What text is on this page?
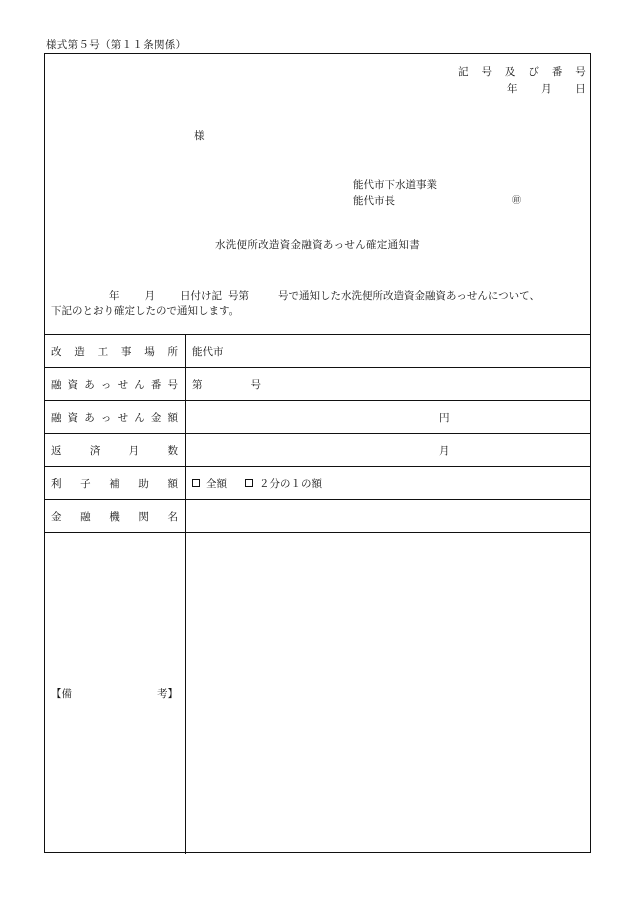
様式第５号（第１１条関係）
記 号 及 び 番 号
年 月 日
様
能代市下水道事業
能代市長	㊞
水洗便所改造資金融資あっせん確定通知書
年 月 日付け記 号第	号で通知した水洗便所改造資金融資あっせんについて、
下記のとおり確定したので通知します。
改 造 工 事 場 所 能代市
融 資 あ っ せ ん 番 号 第	号
融 資 あ っ せ ん 金 額	円
返	済	月	数	月
利 子 補 助 額	全額	２分の１の額
金 融 機 関 名
【備	考】
